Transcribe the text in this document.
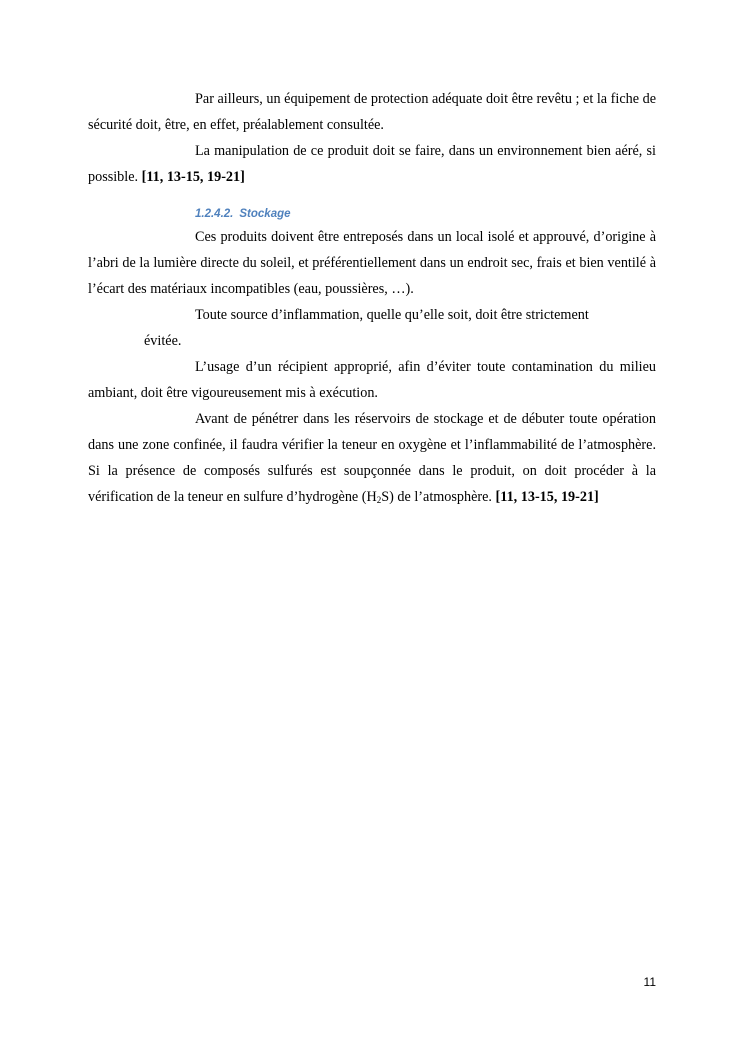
Par ailleurs, un équipement de protection adéquate doit être revêtu ; et la fiche de sécurité doit, être, en effet, préalablement consultée.

La manipulation de ce produit doit se faire, dans un environnement bien aéré, si possible. [11, 13-15, 19-21]

1.2.4.2. Stockage

Ces produits doivent être entreposés dans un local isolé et approuvé, d’origine à l’abri de la lumière directe du soleil, et préférentiellement dans un endroit sec, frais et bien ventilé à l’écart des matériaux incompatibles (eau, poussières, …).

Toute source d’inflammation, quelle qu’elle soit, doit être strictement

évitée.

L’usage d’un récipient approprié, afin d’éviter toute contamination du milieu ambiant, doit être vigoureusement mis à exécution.

Avant de pénétrer dans les réservoirs de stockage et de débuter toute opération dans une zone confinée, il faudra vérifier la teneur en oxygène et l’inflammabilité de l’atmosphère. Si la présence de composés sulfurés est soupçonnée dans le produit, on doit procéder à la vérification de la teneur en sulfure d’hydrogène $(H_2S)$ de l’atmosphère. [11, 13-15, 19-21]

11
